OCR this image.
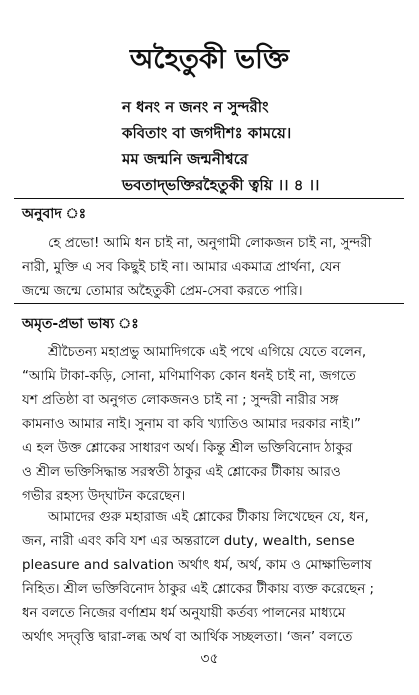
অহৈতুকী ভক্তি
ন ধনং ন জনং ন সুন্দরীং
কবিতাং বা জগদীশঃ কাময়ে।
মম জন্মনি জন্মনীশ্বরে
ভবতাদ্‌ভক্তিরহৈতুকী ত্বয়ি ।। ৪ ।।
অনুবাদ ঃ
হে প্রভো! আমি ধন চাই না, অনুগামী লোকজন চাই না, সুন্দরী
নারী, মুক্তি এ সব কিছুই চাই না। আমার একমাত্র প্রার্থনা, যেন
জন্মে জন্মে তোমার অহৈতুকী প্রেম-সেবা করতে পারি।
অমৃত-প্রভা ভাষ্য ঃ
শ্রীচৈতন্য মহাপ্রভু আমাদিগকে এই পথে এগিয়ে যেতে বলেন,
“আমি টাকা-কড়ি, সোনা, মণিমাণিক্য কোন ধনই চাই না, জগতে
যশ প্রতিষ্ঠা বা অনুগত লোকজনও চাই না ; সুন্দরী নারীর সঙ্গ
কামনাও আমার নাই। সুনাম বা কবি খ্যাতিও আমার দরকার নাই।”
এ হল উক্ত শ্লোকের সাধারণ অর্থ। কিন্তু শ্রীল ভক্তিবিনোদ ঠাকুর
ও শ্রীল ভক্তিসিদ্ধান্ত সরস্বতী ঠাকুর এই শ্লোকের টীকায় আরও
গভীর রহস্য উদ্‌ঘাটন করেছেন।
আমাদের গুরু মহারাজ এই শ্লোকের টীকায় লিখেছেন যে, ধন,
জন, নারী এবং কবি যশ এর অন্তরালে duty, wealth, sense
pleasure and salvation অর্থাৎ ধর্ম, অর্থ, কাম ও মোক্ষাভিলাষ
নিহিত। শ্রীল ভক্তিবিনোদ ঠাকুর এই শ্লোকের টীকায় ব্যক্ত করেছেন ;
ধন বলতে নিজের বর্ণাশ্রম ধর্ম অনুযায়ী কর্তব্য পালনের মাধ্যমে
অর্থাৎ সদ্‌বৃত্তি দ্বারা-লব্ধ অর্থ বা আর্থিক সচ্ছলতা। ‘জন’ বলতে
৩৫
